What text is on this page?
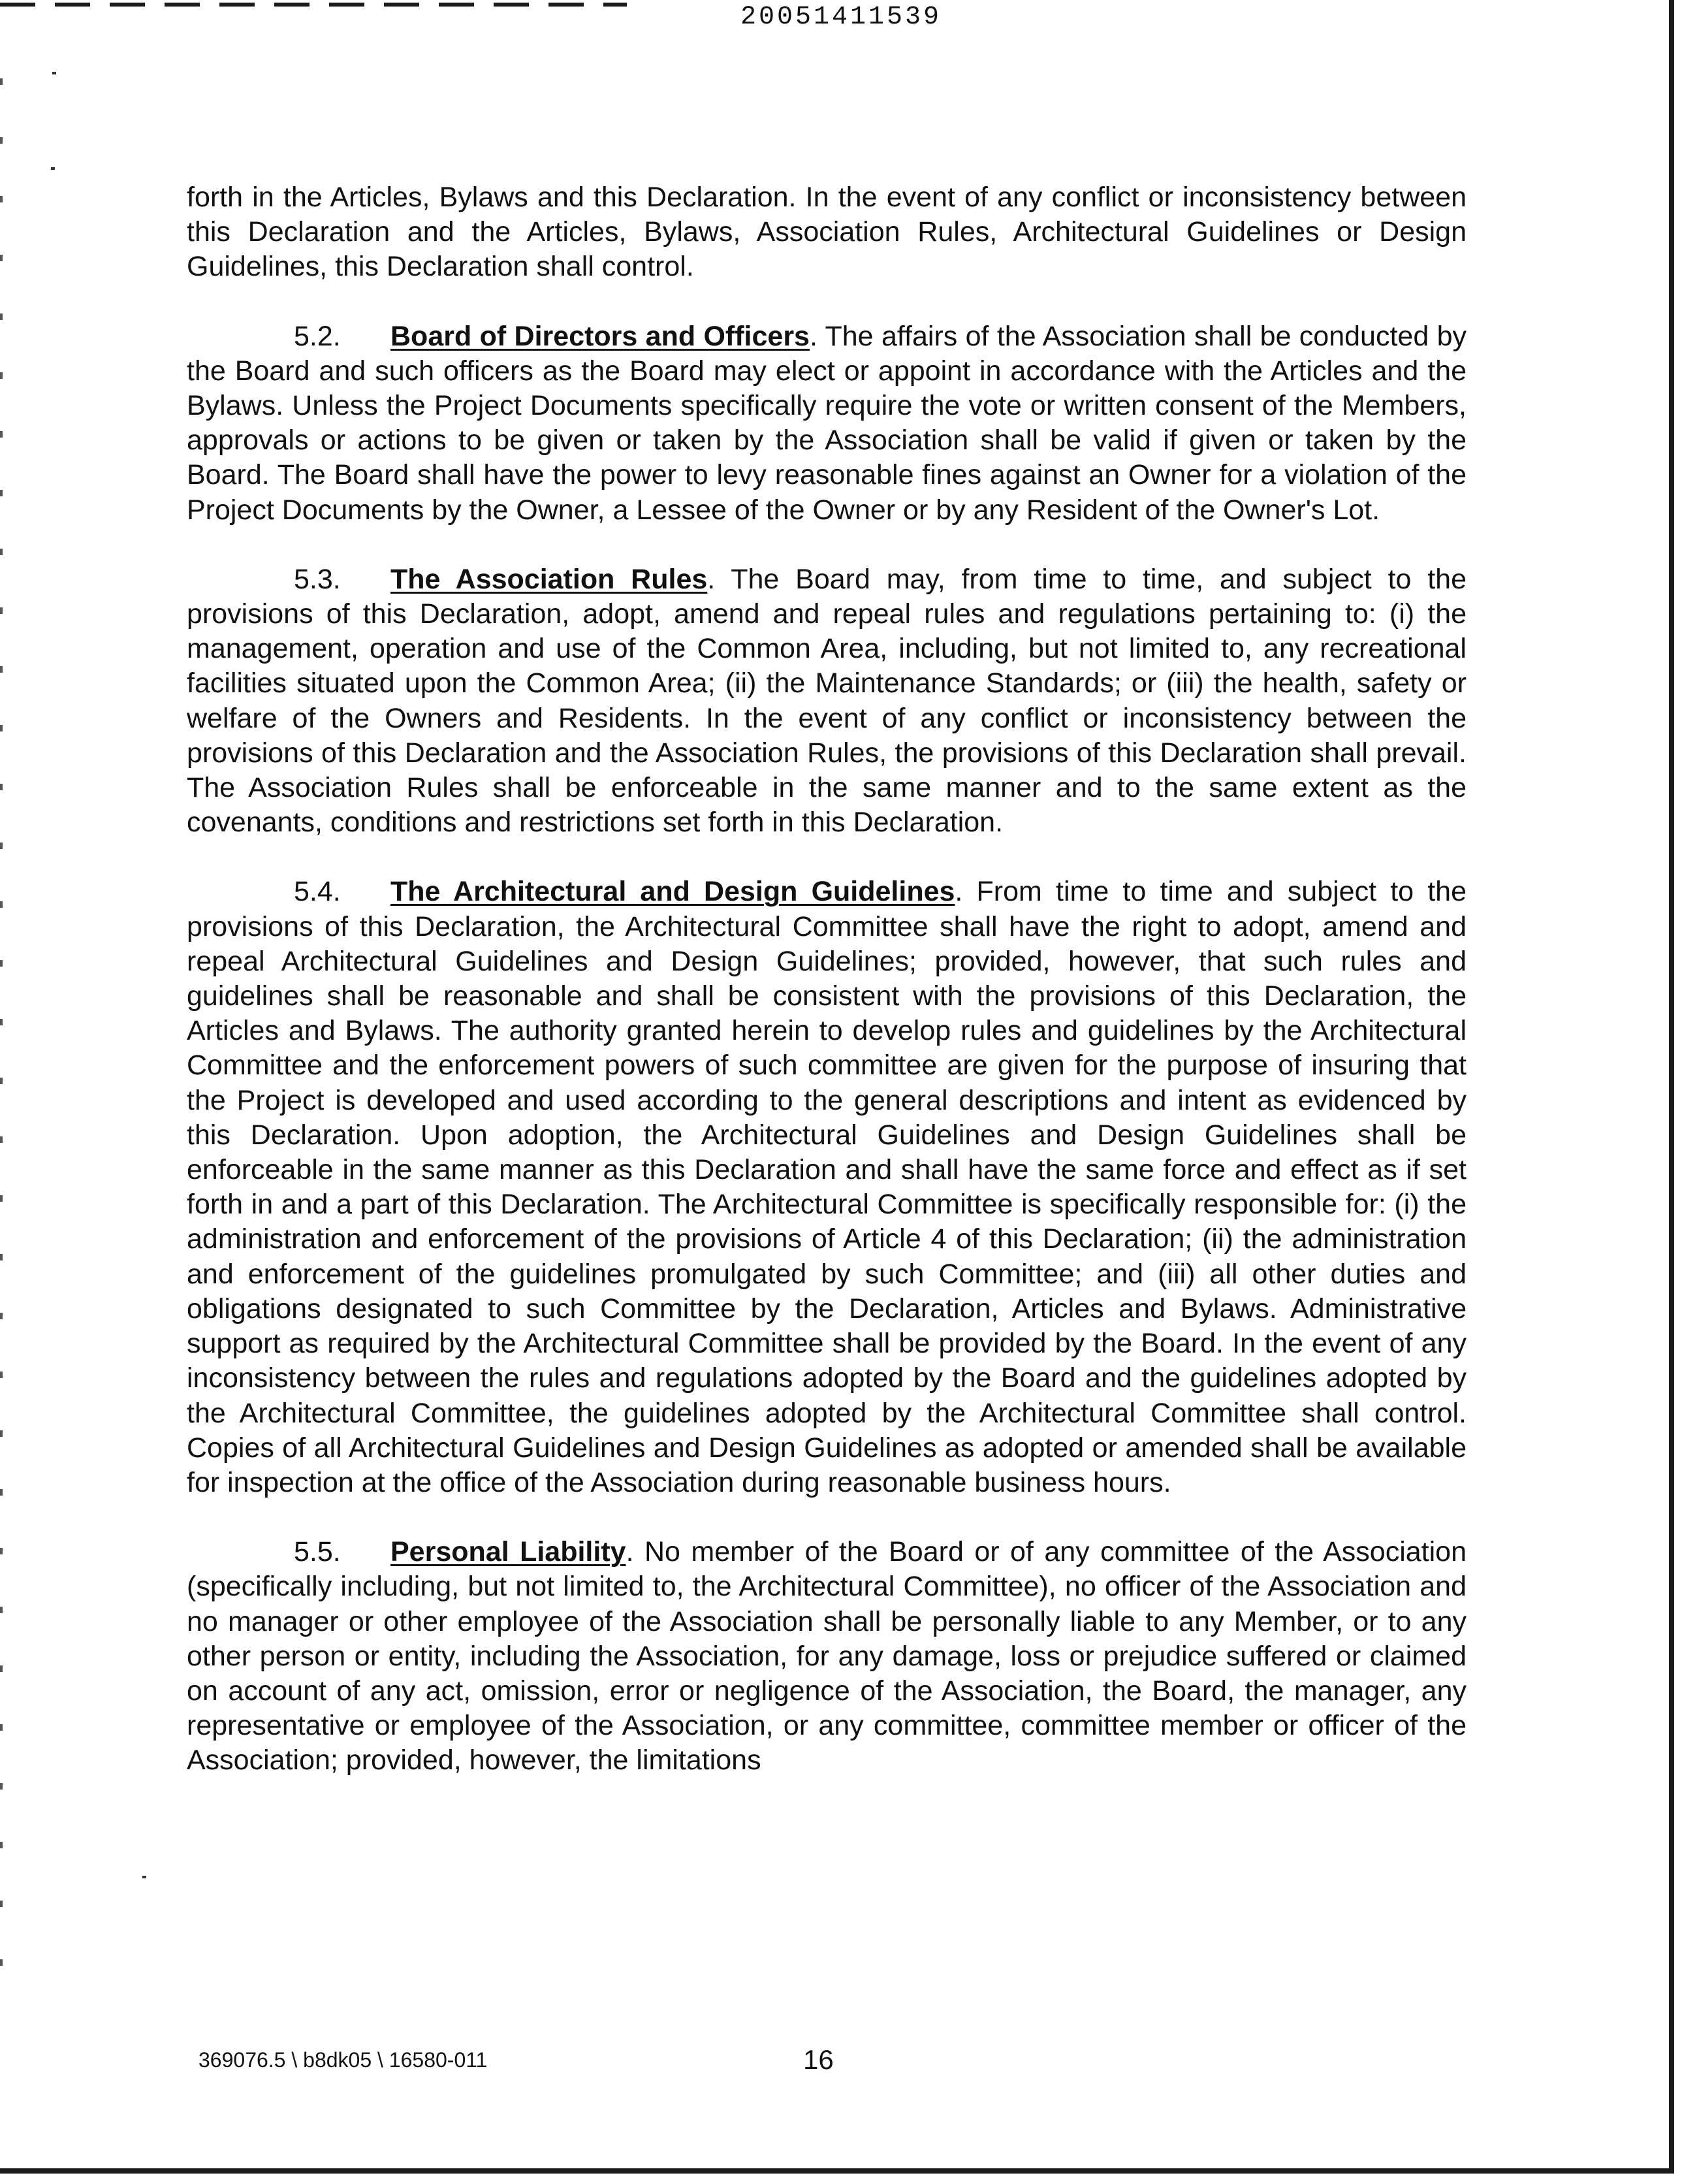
20051411539

forth in the Articles, Bylaws and this Declaration. In the event of any conflict or inconsistency between this Declaration and the Articles, Bylaws, Association Rules, Architectural Guidelines or Design Guidelines, this Declaration shall control.

5.2. Board of Directors and Officers. The affairs of the Association shall be conducted by the Board and such officers as the Board may elect or appoint in accordance with the Articles and the Bylaws. Unless the Project Documents specifically require the vote or written consent of the Members, approvals or actions to be given or taken by the Association shall be valid if given or taken by the Board. The Board shall have the power to levy reasonable fines against an Owner for a violation of the Project Documents by the Owner, a Lessee of the Owner or by any Resident of the Owner's Lot.

5.3. The Association Rules. The Board may, from time to time, and subject to the provisions of this Declaration, adopt, amend and repeal rules and regulations pertaining to: (i) the management, operation and use of the Common Area, including, but not limited to, any recreational facilities situated upon the Common Area; (ii) the Maintenance Standards; or (iii) the health, safety or welfare of the Owners and Residents. In the event of any conflict or inconsistency between the provisions of this Declaration and the Association Rules, the provisions of this Declaration shall prevail. The Association Rules shall be enforceable in the same manner and to the same extent as the covenants, conditions and restrictions set forth in this Declaration.

5.4. The Architectural and Design Guidelines. From time to time and subject to the provisions of this Declaration, the Architectural Committee shall have the right to adopt, amend and repeal Architectural Guidelines and Design Guidelines; provided, however, that such rules and guidelines shall be reasonable and shall be consistent with the provisions of this Declaration, the Articles and Bylaws. The authority granted herein to develop rules and guidelines by the Architectural Committee and the enforcement powers of such committee are given for the purpose of insuring that the Project is developed and used according to the general descriptions and intent as evidenced by this Declaration. Upon adoption, the Architectural Guidelines and Design Guidelines shall be enforceable in the same manner as this Declaration and shall have the same force and effect as if set forth in and a part of this Declaration. The Architectural Committee is specifically responsible for: (i) the administration and enforcement of the provisions of Article 4 of this Declaration; (ii) the administration and enforcement of the guidelines promulgated by such Committee; and (iii) all other duties and obligations designated to such Committee by the Declaration, Articles and Bylaws. Administrative support as required by the Architectural Committee shall be provided by the Board. In the event of any inconsistency between the rules and regulations adopted by the Board and the guidelines adopted by the Architectural Committee, the guidelines adopted by the Architectural Committee shall control. Copies of all Architectural Guidelines and Design Guidelines as adopted or amended shall be available for inspection at the office of the Association during reasonable business hours.

5.5. Personal Liability. No member of the Board or of any committee of the Association (specifically including, but not limited to, the Architectural Committee), no officer of the Association and no manager or other employee of the Association shall be personally liable to any Member, or to any other person or entity, including the Association, for any damage, loss or prejudice suffered or claimed on account of any act, omission, error or negligence of the Association, the Board, the manager, any representative or employee of the Association, or any committee, committee member or officer of the Association; provided, however, the limitations

369076.5 \ b8dk05 \ 16580-011	16
